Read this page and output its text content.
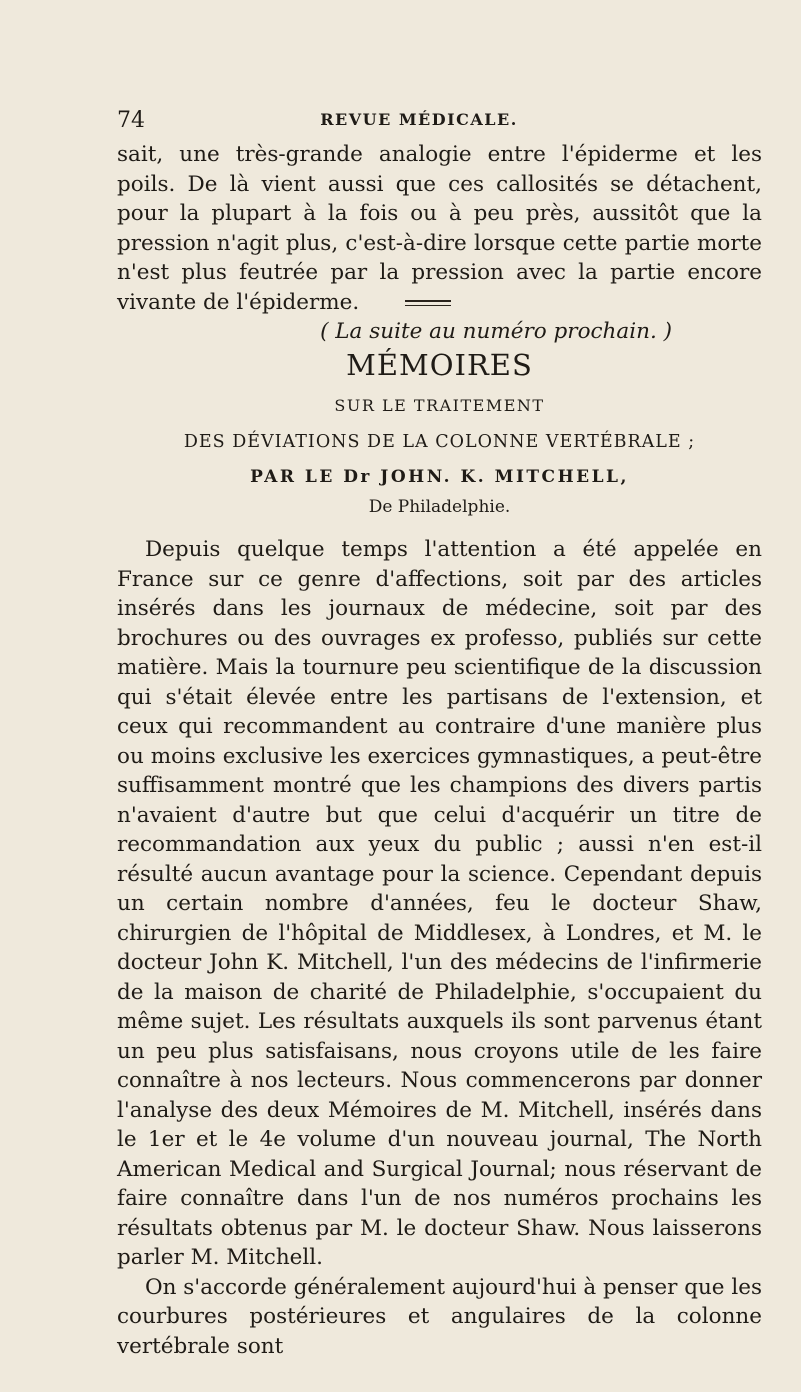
74	REVUE MÉDICALE.

sait, une très-grande analogie entre l'épiderme et les poils. De là vient aussi que ces callosités se détachent, pour la plupart à la fois ou à peu près, aussitôt que la pression n'agit plus, c'est-à-dire lorsque cette partie morte n'est plus feutrée par la pression avec la partie encore vivante de l'épiderme.

( La suite au numéro prochain. )

MÉMOIRES
SUR LE TRAITEMENT
DES DÉVIATIONS DE LA COLONNE VERTÉBRALE ;
PAR LE Dr JOHN. K. MITCHELL,
De Philadelphie.

Depuis quelque temps l'attention a été appelée en France sur ce genre d'affections, soit par des articles insérés dans les journaux de médecine, soit par des brochures ou des ouvrages ex professo, publiés sur cette matière. Mais la tournure peu scientifique de la discussion qui s'était élevée entre les partisans de l'extension, et ceux qui recommandent au contraire d'une manière plus ou moins exclusive les exercices gymnastiques, a peut-être suffisamment montré que les champions des divers partis n'avaient d'autre but que celui d'acquérir un titre de recommandation aux yeux du public ; aussi n'en est-il résulté aucun avantage pour la science. Cependant depuis un certain nombre d'années, feu le docteur Shaw, chirurgien de l'hôpital de Middlesex, à Londres, et M. le docteur John K. Mitchell, l'un des médecins de l'infirmerie de la maison de charité de Philadelphie, s'occupaient du même sujet. Les résultats auxquels ils sont parvenus étant un peu plus satisfaisans, nous croyons utile de les faire connaître à nos lecteurs. Nous commencerons par donner l'analyse des deux Mémoires de M. Mitchell, insérés dans le 1er et le 4e volume d'un nouveau journal, The North American Medical and Surgical Journal; nous réservant de faire connaître dans l'un de nos numéros prochains les résultats obtenus par M. le docteur Shaw. Nous laisserons parler M. Mitchell.

On s'accorde généralement aujourd'hui à penser que les courbures postérieures et angulaires de la colonne vertébrale sont
